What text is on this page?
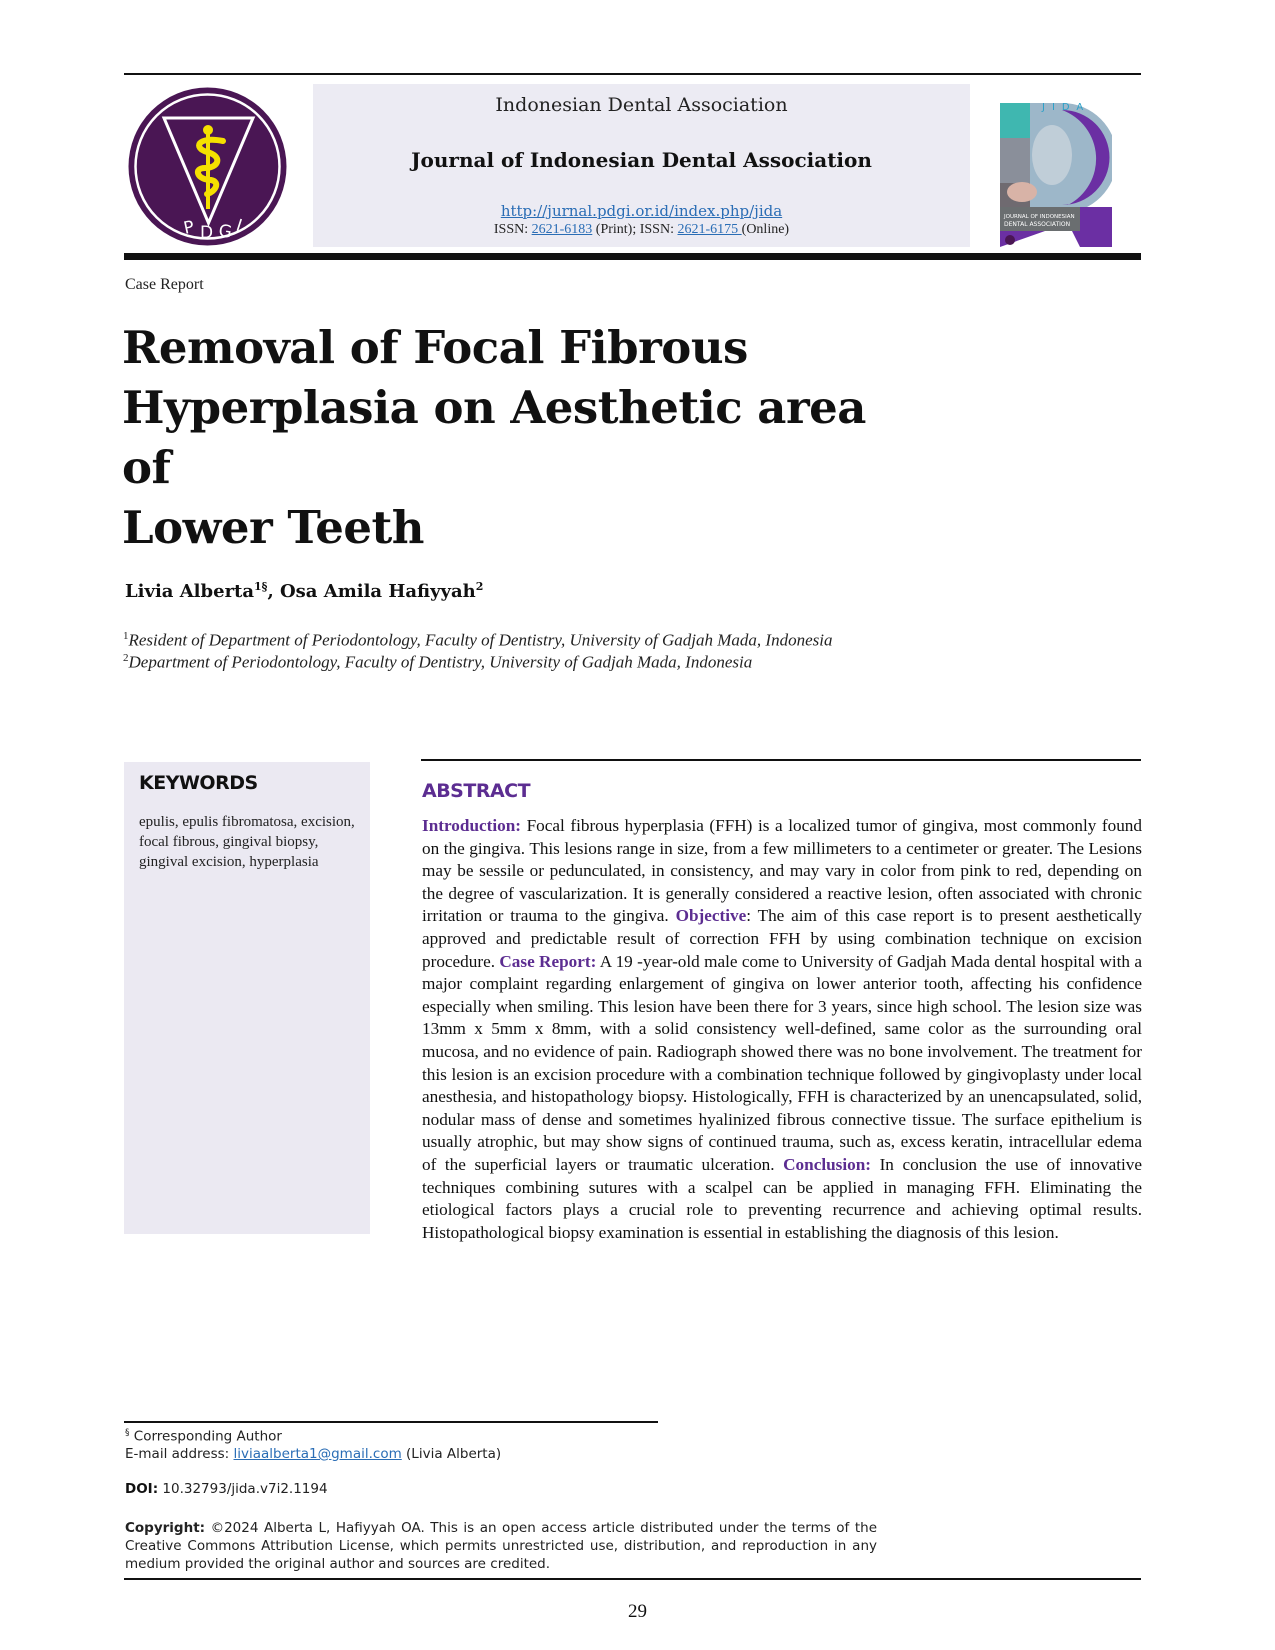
P D G I
Indonesian Dental Association
Journal of Indonesian Dental Association
http://jurnal.pdgi.or.id/index.php/jida
ISSN: 2621-6183 (Print); ISSN: 2621-6175 (Online)
JOURNAL OF INDONESIAN
DENTAL ASSOCIATION
JIDA
Case Report
Removal of Focal Fibrous
Hyperplasia on Aesthetic area of
Lower Teeth
Livia Alberta$^{1\S}$, Osa Amila Hafiyyah$^2$
$^1$Resident of Department of Periodontology, Faculty of Dentistry, University of Gadjah Mada, Indonesia
$^2$Department of Periodontology, Faculty of Dentistry, University of Gadjah Mada, Indonesia
KEYWORDS
epulis, epulis fibromatosa, excision, focal fibrous, gingival biopsy, gingival excision, hyperplasia
ABSTRACT
Introduction: Focal fibrous hyperplasia (FFH) is a localized tumor of gingiva, most commonly found on the gingiva. This lesions range in size, from a few millimeters to a centimeter or greater. The Lesions may be sessile or pedunculated, in consistency, and may vary in color from pink to red, depending on the degree of vascularization. It is generally considered a reactive lesion, often associated with chronic irritation or trauma to the gingiva. Objective: The aim of this case report is to present aesthetically approved and predictable result of correction FFH by using combination technique on excision procedure. Case Report: A 19 -year-old male come to University of Gadjah Mada dental hospital with a major complaint regarding enlargement of gingiva on lower anterior tooth, affecting his confidence especially when smiling. This lesion have been there for 3 years, since high school. The lesion size was 13mm x 5mm x 8mm, with a solid consistency well-defined, same color as the surrounding oral mucosa, and no evidence of pain. Radiograph showed there was no bone involvement. The treatment for this lesion is an excision procedure with a combination technique followed by gingivoplasty under local anesthesia, and histopathology biopsy. Histologically, FFH is characterized by an unencapsulated, solid, nodular mass of dense and sometimes hyalinized fibrous connective tissue. The surface epithelium is usually atrophic, but may show signs of continued trauma, such as, excess keratin, intracellular edema of the superficial layers or traumatic ulceration. Conclusion: In conclusion the use of innovative techniques combining sutures with a scalpel can be applied in managing FFH. Eliminating the etiological factors plays a crucial role to preventing recurrence and achieving optimal results. Histopathological biopsy examination is essential in establishing the diagnosis of this lesion.
§ Corresponding Author
E-mail address: liviaalberta1@gmail.com (Livia Alberta)
DOI: 10.32793/jida.v7i2.1194
Copyright: ©2024 Alberta L, Hafiyyah OA. This is an open access article distributed under the terms of the Creative Commons Attribution License, which permits unrestricted use, distribution, and reproduction in any medium provided the original author and sources are credited.
29
